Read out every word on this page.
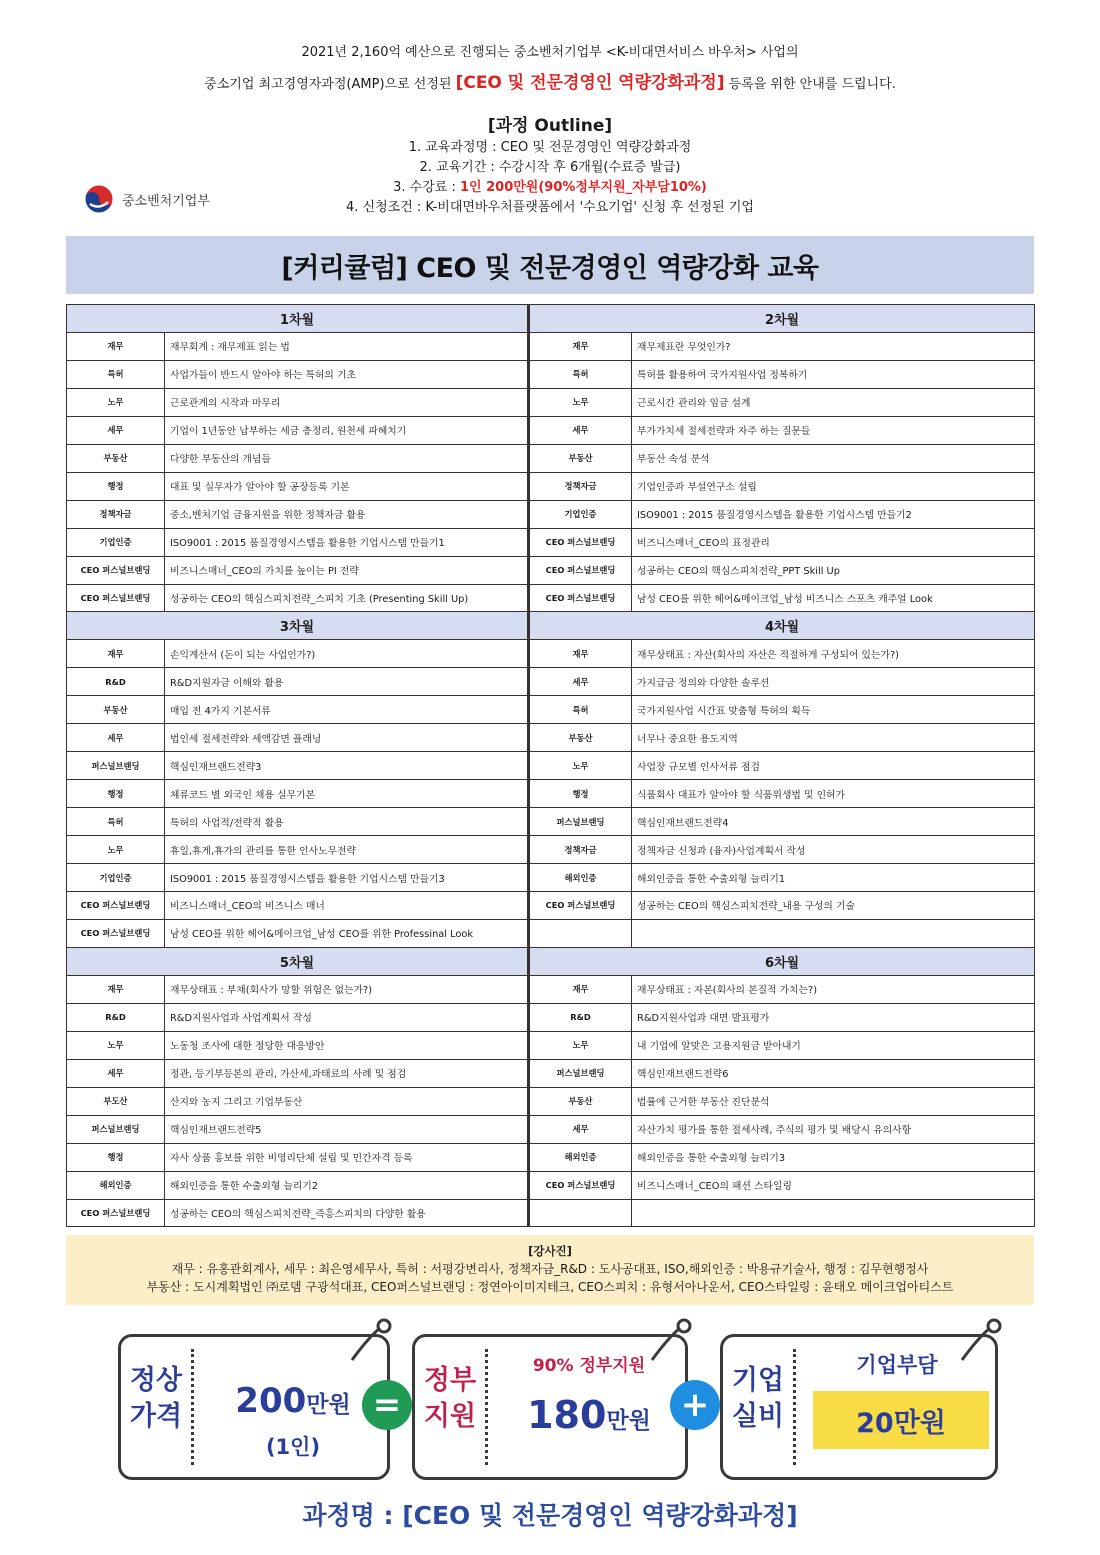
2021년 2,160억 예산으로 진행되는 중소벤처기업부 <K-비대면서비스 바우처> 사업의
중소기업 최고경영자과정(AMP)으로 선정된 [CEO 및 전문경영인 역량강화과정] 등록을 위한 안내를 드립니다.
[과정 Outline]
1. 교육과정명 : CEO 및 전문경영인 역량강화과정
2. 교육기간 : 수강시작 후 6개월(수료증 발급)
3. 수강료 : 1인 200만원(90%정부지원_자부담10%)
4. 신청조건 : K-비대면바우처플랫폼에서 '수요기업' 신청 후 선정된 기업
중소벤처기업부
[커리큘럼] CEO 및 전문경영인 역량강화 교육
1차월		2차월	
재무	재무회계 : 재무제표 읽는 법	재무	재무제표란 무엇인가?
특허	사업가들이 반드시 알아야 하는 특허의 기초	특허	특허를 활용하여 국가지원사업 정복하기
노무	근로관계의 시작과 마무리	노무	근로시간 관리와 임금 설계
세무	기업이 1년동안 납부하는 세금 총정리, 원천세 파헤치기	세무	부가가치세 절세전략과 자주 하는 질문들
부동산	다양한 부동산의 개념들	부동산	부동산 속성 분석
행정	대표 및 실무자가 알아야 할 공장등록 기본	정책자금	기업인증과 부설연구소 설립
정책자금	중소,벤처기업 금융지원을 위한 정책자금 활용	기업인증	ISO9001 : 2015 품질경영시스템을 활용한 기업시스템 만들기2
기업인증	ISO9001 : 2015 품질경영시스템을 활용한 기업시스템 만들기1	CEO 퍼스널브랜딩	비즈니스매너_CEO의 표정관리
CEO 퍼스널브랜딩	비즈니스매너_CEO의 가치를 높이는 PI 전략	CEO 퍼스널브랜딩	성공하는 CEO의 핵심스피치전략_PPT Skill Up
CEO 퍼스널브랜딩	성공하는 CEO의 핵심스피치전략_스피치 기초 (Presenting Skill Up)	CEO 퍼스널브랜딩	남성 CEO를 위한 헤어&메이크업_남성 비즈니스 스포츠 캐주얼 Look
3차월		4차월	
재무	손익계산서 (돈이 되는 사업인가?)	재무	재무상태표 : 자산(회사의 자산은 적절하게 구성되어 있는가?)
R&D	R&D지원자금 이해와 활용	세무	가지급금 정의와 다양한 솔루션
부동산	매입 전 4가지 기본서류	특허	국가지원사업 시간표 맞춤형 특허의 획득
세무	법인세 절세전략와 세액감면 플래닝	부동산	너무나 중요한 용도지역
퍼스널브랜딩	핵심인재브랜드전략3	노무	사업장 규모별 인사서류 점검
행정	체류코드 별 외국인 채용 실무기본	행정	식품회사 대표가 알아야 할 식품위생법 및 인허가
특허	특허의 사업적/전략적 활용	퍼스널브랜딩	핵심인재브랜드전략4
노무	휴일,휴게,휴가의 관리를 통한 인사노무전략	정책자금	정책자금 신청과 (융자)사업계획서 작성
기업인증	ISO9001 : 2015 품질경영시스템을 활용한 기업시스템 만들기3	해외인증	해외인증을 통한 수출외형 늘리기1
CEO 퍼스널브랜딩	비즈니스매너_CEO의 비즈니스 매너	CEO 퍼스널브랜딩	성공하는 CEO의 핵심스피치전략_내용 구성의 기술
CEO 퍼스널브랜딩	남성 CEO를 위한 헤어&메이크업_남성 CEO를 위한 Professinal Look		
5차월		6차월	
재무	재무상태표 : 부채(회사가 망할 위험은 없는가?)	재무	재무상태표 : 자본(회사의 본질적 가치는?)
R&D	R&D지원사업과 사업계획서 작성	R&D	R&D지원사업과 대면 발표평가
노무	노동청 조사에 대한 정당한 대응방안	노무	내 기업에 알맞은 고용지원금 받아내기
세무	정관, 등기부등본의 관리, 가산세,과태료의 사례 및 점검	퍼스널브랜딩	핵심인재브랜드전략6
부도산	산지와 농지 그리고 기업부동산	부동산	법률에 근거한 부동산 진단분석
퍼스널브랜딩	핵심인재브랜드전략5	세무	자산가치 평가를 통한 절세사례, 주식의 평가 및 배당시 유의사항
행정	자사 상품 홍보를 위한 비영리단체 설립 및 민간자격 등록	해외인증	해외인증을 통한 수출외형 늘리기3
해외인증	해외인증을 통한 수출외형 늘리기2	CEO 퍼스널브랜딩	비즈니스매너_CEO의 패션 스타일링
CEO 퍼스널브랜딩	성공하는 CEO의 핵심스피치전략_즉흥스피치의 다양한 활용		
[강사진]
재무 : 유홍관회계사, 세무 : 최은영세무사, 특허 : 서평강변리사, 정책자금_R&D : 도사공대표, ISO,해외인증 : 박용규기술사, 행정 : 김무현행정사
부동산 : 도시계획법인 ㈜로뎀 구광석대표, CEO퍼스널브랜딩 : 정연아이미지테크, CEO스피치 : 유형서아나운서, CEO스타일링 : 윤태오 메이크업아티스트
정상
가격	200만원
(1인)
=
정부
지원
90% 정부지원
180만원 +
기업
실비
기업부담
20만원
과정명 : [CEO 및 전문경영인 역량강화과정]
